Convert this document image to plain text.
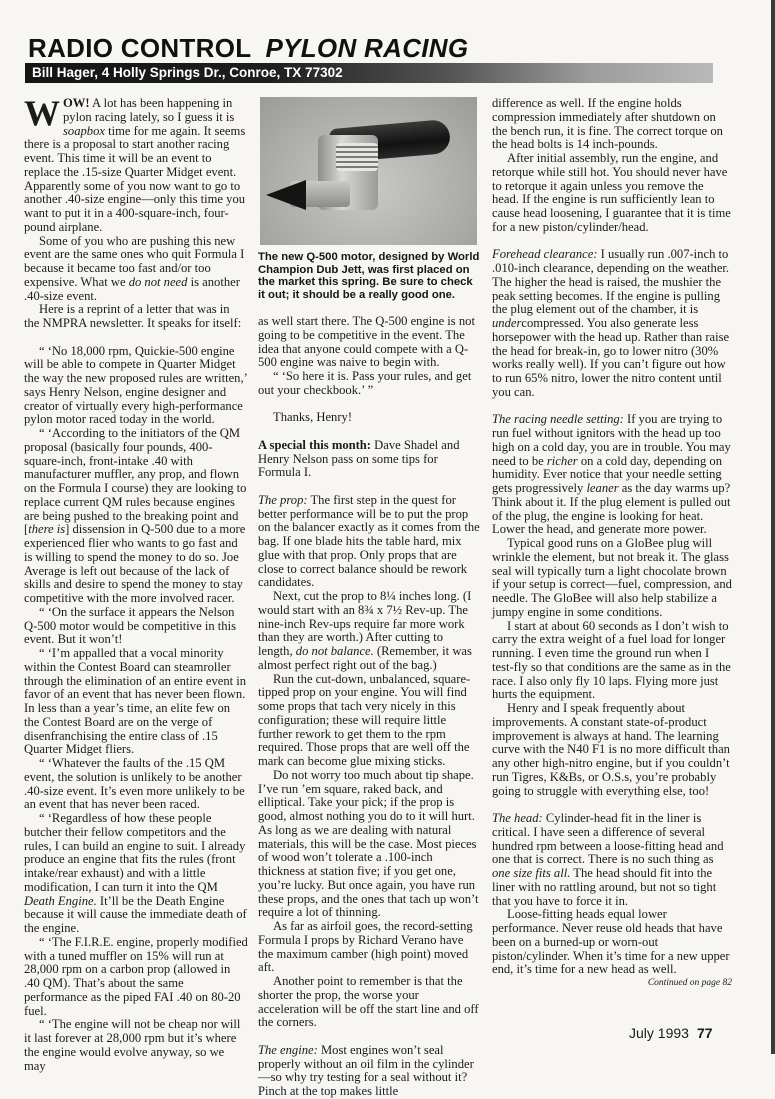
RADIO CONTROL PYLON RACING
Bill Hager, 4 Holly Springs Dr., Conroe, TX 77302

WOW! A lot has been happening in pylon racing lately, so I guess it is soapbox time for me again. It seems there is a proposal to start another racing event. This time it will be an event to replace the .15-size Quarter Midget event. Apparently some of you now want to go to another .40-size engine—only this time you want to put it in a 400-square-inch, four-pound airplane.

Some of you who are pushing this new event are the same ones who quit Formula I because it became too fast and/or too expensive. What we do not need is another .40-size event.

Here is a reprint of a letter that was in the NMPRA newsletter. It speaks for itself:

“ ‘No 18,000 rpm, Quickie-500 engine will be able to compete in Quarter Midget the way the new proposed rules are written,’ says Henry Nelson, engine designer and creator of virtually every high-performance pylon motor raced today in the world.

“ ‘According to the initiators of the QM proposal (basically four pounds, 400-square-inch, front-intake .40 with manufacturer muffler, any prop, and flown on the Formula I course) they are looking to replace current QM rules because engines are being pushed to the breaking point and [there is] dissension in Q-500 due to a more experienced flier who wants to go fast and is willing to spend the money to do so. Joe Average is left out because of the lack of skills and desire to spend the money to stay competitive with the more involved racer.

“ ‘On the surface it appears the Nelson Q-500 motor would be competitive in this event. But it won’t!

“ ‘I’m appalled that a vocal minority within the Contest Board can steamroller through the elimination of an entire event in favor of an event that has never been flown. In less than a year’s time, an elite few on the Contest Board are on the verge of disenfranchising the entire class of .15 Quarter Midget fliers.

“ ‘Whatever the faults of the .15 QM event, the solution is unlikely to be another .40-size event. It’s even more unlikely to be an event that has never been raced.

“ ‘Regardless of how these people butcher their fellow competitors and the rules, I can build an engine to suit. I already produce an engine that fits the rules (front intake/rear exhaust) and with a little modification, I can turn it into the QM Death Engine. It’ll be the Death Engine because it will cause the immediate death of the engine.

“ ‘The F.I.R.E. engine, properly modified with a tuned muffler on 15% will run at 28,000 rpm on a carbon prop (allowed in .40 QM). That’s about the same performance as the piped FAI .40 on 80-20 fuel.

“ ‘The engine will not be cheap nor will it last forever at 28,000 rpm but it’s where the engine would evolve anyway, so we may

The new Q-500 motor, designed by World Champion Dub Jett, was first placed on the market this spring. Be sure to check it out; it should be a really good one.

as well start there. The Q-500 engine is not going to be competitive in the event. The idea that anyone could compete with a Q-500 engine was naive to begin with.

“ ‘So here it is. Pass your rules, and get out your checkbook.’ ”

Thanks, Henry!

A special this month: Dave Shadel and Henry Nelson pass on some tips for Formula I.

The prop: The first step in the quest for better performance will be to put the prop on the balancer exactly as it comes from the bag. If one blade hits the table hard, mix glue with that prop. Only props that are close to correct balance should be rework candidates.

Next, cut the prop to 8¼ inches long. (I would start with an 8¾ x 7½ Rev-up. The nine-inch Rev-ups require far more work than they are worth.) After cutting to length, do not balance. (Remember, it was almost perfect right out of the bag.)

Run the cut-down, unbalanced, square-tipped prop on your engine. You will find some props that tach very nicely in this configuration; these will require little further rework to get them to the rpm required. Those props that are well off the mark can become glue mixing sticks.

Do not worry too much about tip shape. I’ve run ’em square, raked back, and elliptical. Take your pick; if the prop is good, almost nothing you do to it will hurt. As long as we are dealing with natural materials, this will be the case. Most pieces of wood won’t tolerate a .100-inch thickness at station five; if you get one, you’re lucky. But once again, you have run these props, and the ones that tach up won’t require a lot of thinning.

As far as airfoil goes, the record-setting Formula I props by Richard Verano have the maximum camber (high point) moved aft.

Another point to remember is that the shorter the prop, the worse your acceleration will be off the start line and off the corners.

The engine: Most engines won’t seal properly without an oil film in the cylinder—so why try testing for a seal without it? Pinch at the top makes little

difference as well. If the engine holds compression immediately after shutdown on the bench run, it is fine. The correct torque on the head bolts is 14 inch-pounds.

After initial assembly, run the engine, and retorque while still hot. You should never have to retorque it again unless you remove the head. If the engine is run sufficiently lean to cause head loosening, I guarantee that it is time for a new piston/cylinder/head.

Forehead clearance: I usually run .007-inch to .010-inch clearance, depending on the weather. The higher the head is raised, the mushier the peak setting becomes. If the engine is pulling the plug element out of the chamber, it is undercompressed. You also generate less horsepower with the head up. Rather than raise the head for break-in, go to lower nitro (30% works really well). If you can’t figure out how to run 65% nitro, lower the nitro content until you can.

The racing needle setting: If you are trying to run fuel without ignitors with the head up too high on a cold day, you are in trouble. You may need to be richer on a cold day, depending on humidity. Ever notice that your needle setting gets progressively leaner as the day warms up? Think about it. If the plug element is pulled out of the plug, the engine is looking for heat. Lower the head, and generate more power.

Typical good runs on a GloBee plug will wrinkle the element, but not break it. The glass seal will typically turn a light chocolate brown if your setup is correct—fuel, compression, and needle. The GloBee will also help stabilize a jumpy engine in some conditions.

I start at about 60 seconds as I don’t wish to carry the extra weight of a fuel load for longer running. I even time the ground run when I test-fly so that conditions are the same as in the race. I also only fly 10 laps. Flying more just hurts the equipment.

Henry and I speak frequently about improvements. A constant state-of-product improvement is always at hand. The learning curve with the N40 F1 is no more difficult than any other high-nitro engine, but if you couldn’t run Tigres, K&Bs, or O.S.s, you’re probably going to struggle with everything else, too!

The head: Cylinder-head fit in the liner is critical. I have seen a difference of several hundred rpm between a loose-fitting head and one that is correct. There is no such thing as one size fits all. The head should fit into the liner with no rattling around, but not so tight that you have to force it in.

Loose-fitting heads equal lower performance. Never reuse old heads that have been on a burned-up or worn-out piston/cylinder. When it’s time for a new upper end, it’s time for a new head as well.

Continued on page 82

July 1993 77
